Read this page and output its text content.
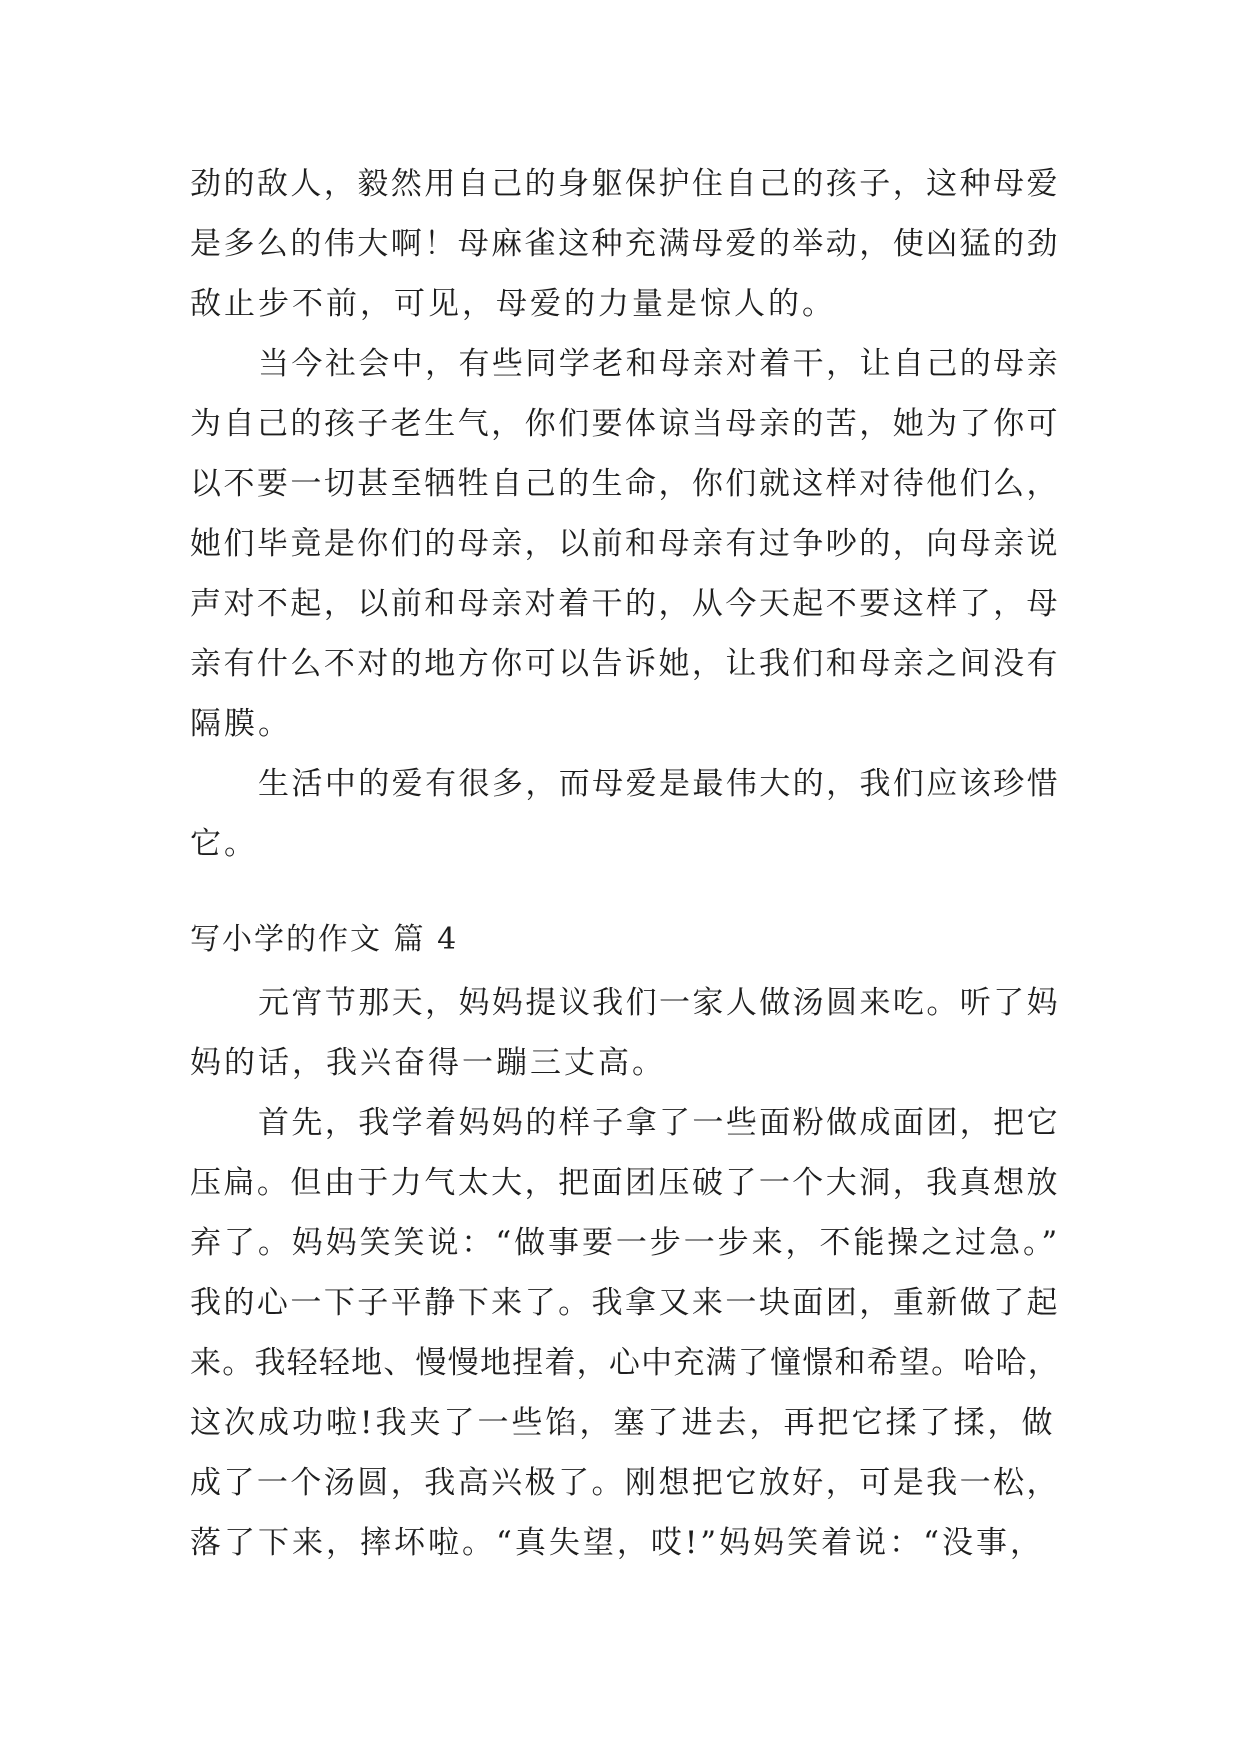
劲的敌人，毅然用自己的身躯保护住自己的孩子，这种母爱
是多么的伟大啊！母麻雀这种充满母爱的举动，使凶猛的劲
敌止步不前，可见，母爱的力量是惊人的。
当今社会中，有些同学老和母亲对着干，让自己的母亲
为自己的孩子老生气，你们要体谅当母亲的苦，她为了你可
以不要一切甚至牺牲自己的生命，你们就这样对待他们么，
她们毕竟是你们的母亲，以前和母亲有过争吵的，向母亲说
声对不起，以前和母亲对着干的，从今天起不要这样了，母
亲有什么不对的地方你可以告诉她，让我们和母亲之间没有
隔膜。
生活中的爱有很多，而母爱是最伟大的，我们应该珍惜
它。
写小学的作文 篇 4
元宵节那天，妈妈提议我们一家人做汤圆来吃。听了妈
妈的话，我兴奋得一蹦三丈高。
首先，我学着妈妈的样子拿了一些面粉做成面团，把它
压扁。但由于力气太大，把面团压破了一个大洞，我真想放
弃了。妈妈笑笑说：“做事要一步一步来，不能操之过急。”
我的心一下子平静下来了。我拿又来一块面团，重新做了起
来。我轻轻地、慢慢地捏着，心中充满了憧憬和希望。哈哈，
这次成功啦!我夹了一些馅，塞了进去，再把它揉了揉，做
成了一个汤圆，我高兴极了。刚想把它放好，可是我一松，
落了下来，摔坏啦。“真失望，哎!”妈妈笑着说：“没事，
